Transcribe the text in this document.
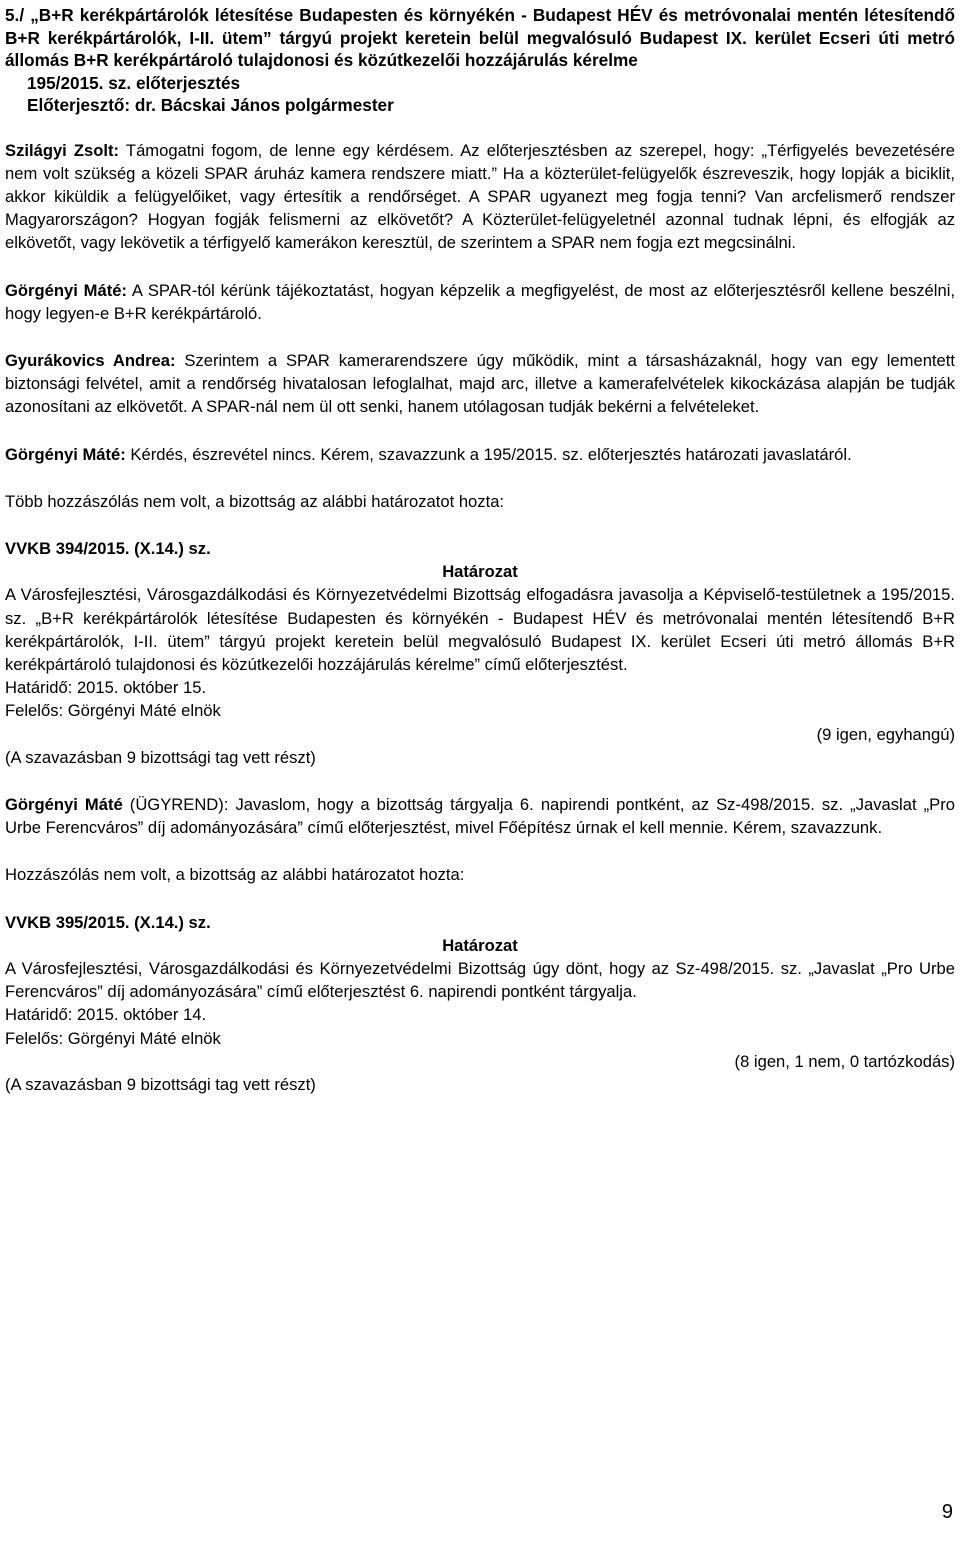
5./ „B+R kerékpártárolók létesítése Budapesten és környékén - Budapest HÉV és metróvonalai mentén létesítendő B+R kerékpártárolók, I-II. ütem” tárgyú projekt keretein belül megvalósuló Budapest IX. kerület Ecseri úti metró állomás B+R kerékpártároló tulajdonosi és közútkezelői hozzájárulás kérelme
195/2015. sz. előterjesztés
Előterjesztő: dr. Bácskai János polgármester

Szilágyi Zsolt: Támogatni fogom, de lenne egy kérdésem. Az előterjesztésben az szerepel, hogy: „Térfigyelés bevezetésére nem volt szükség a közeli SPAR áruház kamera rendszere miatt.” Ha a közterület-felügyelők észreveszik, hogy lopják a biciklit, akkor kiküldik a felügyelőiket, vagy értesítik a rendőrséget. A SPAR ugyanezt meg fogja tenni? Van arcfelismerő rendszer Magyarországon? Hogyan fogják felismerni az elkövetőt? A Közterület-felügyeletnél azonnal tudnak lépni, és elfogják az elkövetőt, vagy lekövetik a térfigyelő kamerákon keresztül, de szerintem a SPAR nem fogja ezt megcsinálni.

Görgényi Máté: A SPAR-tól kérünk tájékoztatást, hogyan képzelik a megfigyelést, de most az előterjesztésről kellene beszélni, hogy legyen-e B+R kerékpártároló.

Gyurákovics Andrea: Szerintem a SPAR kamerarendszere úgy működik, mint a társasházaknál, hogy van egy lementett biztonsági felvétel, amit a rendőrség hivatalosan lefoglalhat, majd arc, illetve a kamerafelvételek kikockázása alapján be tudják azonosítani az elkövetőt. A SPAR-nál nem ül ott senki, hanem utólagosan tudják bekérni a felvételeket.

Görgényi Máté: Kérdés, észrevétel nincs. Kérem, szavazzunk a 195/2015. sz. előterjesztés határozati javaslatáról.

Több hozzászólás nem volt, a bizottság az alábbi határozatot hozta:

VVKB 394/2015. (X.14.) sz.

Határozat

A Városfejlesztési, Városgazdálkodási és Környezetvédelmi Bizottság elfogadásra javasolja a Képviselő-testületnek a 195/2015. sz. „B+R kerékpártárolók létesítése Budapesten és környékén - Budapest HÉV és metróvonalai mentén létesítendő B+R kerékpártárolók, I-II. ütem” tárgyú projekt keretein belül megvalósuló Budapest IX. kerület Ecseri úti metró állomás B+R kerékpártároló tulajdonosi és közútkezelői hozzájárulás kérelme” című előterjesztést.

Határidő: 2015. október 15.

Felelős: Görgényi Máté elnök

(9 igen, egyhangú)

(A szavazásban 9 bizottsági tag vett részt)

Görgényi Máté (ÜGYREND): Javaslom, hogy a bizottság tárgyalja 6. napirendi pontként, az Sz-498/2015. sz. „Javaslat „Pro Urbe Ferencváros” díj adományozására” című előterjesztést, mivel Főépítész úrnak el kell mennie. Kérem, szavazzunk.

Hozzászólás nem volt, a bizottság az alábbi határozatot hozta:

VVKB 395/2015. (X.14.) sz.

Határozat

A Városfejlesztési, Városgazdálkodási és Környezetvédelmi Bizottság úgy dönt, hogy az Sz-498/2015. sz. „Javaslat „Pro Urbe Ferencváros” díj adományozására” című előterjesztést 6. napirendi pontként tárgyalja.

Határidő: 2015. október 14.

Felelős: Görgényi Máté elnök

(8 igen, 1 nem, 0 tartózkodás)

(A szavazásban 9 bizottsági tag vett részt)

9
